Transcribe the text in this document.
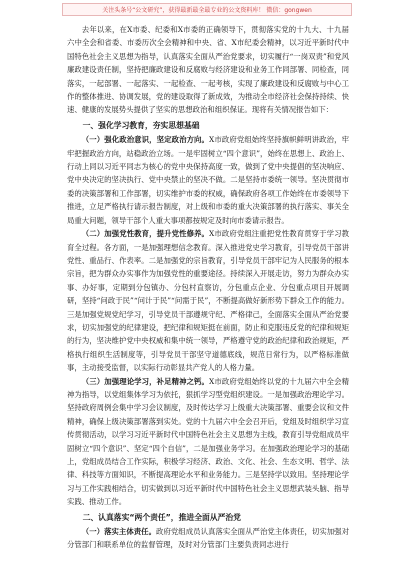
关注头条号“公文研究”，获得最新最全最专业的公文资料库！ 微信：gongwen

去年以来，在X市委、纪委和X市委的正确领导下，贯彻落实党的十九大、十九届六中全会和省委、市委历次全会精神和中央、省、X市纪委会精神，以习近平新时代中国特色社会主义思想为指导，认真落实全面从严治党要求，切实履行“一岗双责”和党风廉政建设责任制，坚持把廉政建设和反腐败与经济建设和业务工作同部署、同检查，同落实，一起部署、一起落实、一起检查、一起考核，实现了廉政建设和反腐败与中心工作的整体推进、协调发展，党的建设取得了新成效，为推动全市经济社会保持持续、快速、健康的发展势头提供了坚实的思想政治和组织保证。现将有关情况报告如下：

一、强化学习教育，夯实思想基础

（一）强化政治意识，坚定政治方向。X市政府党组始终坚持旗帜鲜明讲政治，牢牢把握政治方向，站稳政治立场。一是牢固树立“四个意识”，始终在思想上、政治上、行动上同以习近平同志为核心的党中央保持高度一致，做到了党中央提倡的坚决响应、党中央决定的坚决执行、党中央禁止的坚决不做。二是坚持市委统一领导。坚决贯彻市委的决策部署和工作部署，切实维护市委的权威，确保政府各项工作始终在市委领导下推进，立足严格执行请示报告制度，对上级和市委的重大决策部署的执行落实、事关全局重大问题，领导干部个人重大事项都按规定及时向市委请示报告。

（二）加强党性教育，提升党性修养。X市政府党组注重把党性教育贯穿于学习教育全过程。各方面，一是加强理想信念教育。深入推进党史学习教育，引导党员干部讲党性、重品行、作表率。二是加强党的宗旨教育，引导党员干部牢记为人民服务的根本宗旨，把为群众办实事作为加强党性的重要途径。持续深入开展走访，努力为群众办实事、办好事，定期到分包镇办、分包村直察访，分包重点企业、分包重点项目开展调研，坚持“问政于民”“问计于民”“问需于民”，不断提高做好新形势下群众工作的能力。三是加强党规党纪学习，引导党员干部遵规守纪、严格律己，全面落实全面从严治党要求，切实加强党的纪律建设，把纪律和规矩挺在前面，防止和克服违反党的纪律和规矩的行为，坚决维护党中央权威和集中统一领导，严格遵守党的政治纪律和政治规矩，严格执行组织生活制度等，引导党员干部坚守道德底线，规范日常行为，以严格标准做事，主动接受监督，以实际行动彰显共产党人的人格力量。

（三）加强理论学习，补足精神之钙。X市政府党组始终以党的十九届六中全会精神为指导，以党组集体学习为依托，狠抓学习型党组织建设。一是加强政治理论学习。坚持政府周例会集中学习会议制度，及时传达学习上级重大决策部署、重要会议和文件精神，确保上级决策部署落到实处。党的十九届六中全会召开后，党组及时组织学习宣传贯彻活动，以学习习近平新时代中国特色社会主义思想为主线，教育引导党组成员牢固树立“四个意识”、坚定“四个自信”，二是加强业务学习。在加强政治理论学习的基础上，党组成员结合工作实际，积极学习经济、政治、文化、社会、生态文明、哲学、法律、科技等方面知识，不断提高理论水平和业务能力。三是坚持学以致用。坚持理论学习与工作实践相结合，切实做到以习近平新时代中国特色社会主义思想武装头脑、指导实践、推动工作。

二、认真落实“两个责任”，推进全面从严治党

（一）落实主体责任。政府党组成员认真落实全面从严治党主体责任，切实加强对分管部门和联系单位的监督管理，及时对分管部门主要负责同志进行
